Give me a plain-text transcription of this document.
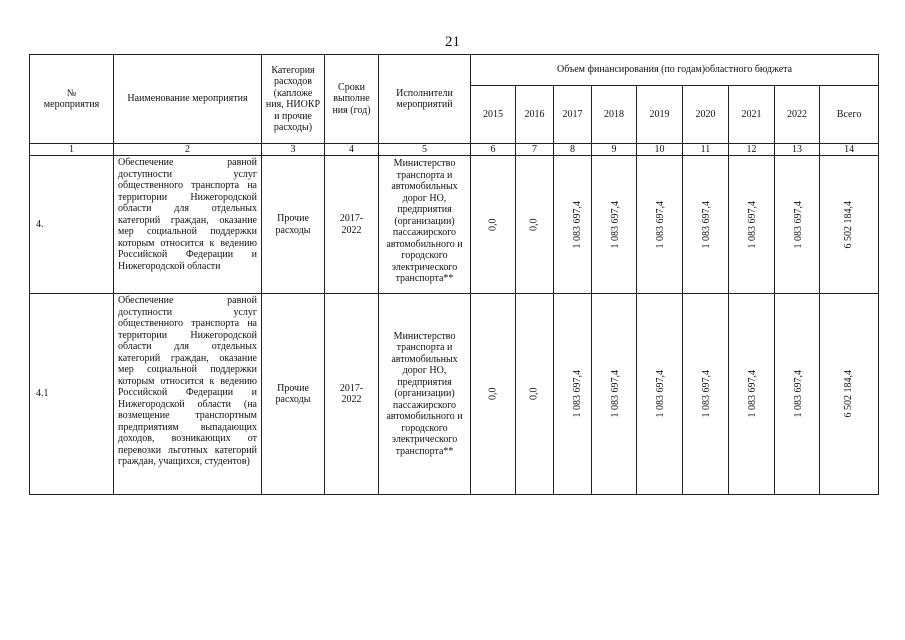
21
№ мероприятия	Наименование мероприятия	Категория расходов (капложе ния, НИОКР и прочие расходы)	Сроки выполне ния (год)	Исполнители мероприятий	Объем финансирования (по годам)областного бюджета								
					2015	2016	2017	2018	2019	2020	2021	2022	Всего
1	2	3	4	5	6	7	8	9	10	11	12	13	14
4.	Обеспечение равной доступности услуг общественного транспорта на территории Нижегородской области для отдельных категорий граждан, оказание мер социальной поддержки которым относится к ведению Российской Федерации и Нижегородской области	Прочие расходы	2017-2022	Министерство транспорта и автомобильных дорог НО, предприятия (организации) пассажирского автомобильного и городского электрического транспорта**	0,0	0,0	1 083 697,4	1 083 697,4	1 083 697,4	1 083 697,4	1 083 697,4	1 083 697,4	6 502 184,4
4.1	Обеспечение равной доступности услуг общественного транспорта на территории Нижегородской области для отдельных категорий граждан, оказание мер социальной поддержки которым относится к ведению Российской Федерации и Нижегородской области (на возмещение транспортным предприятиям выпадающих доходов, возникающих от перевозки льготных категорий граждан, учащихся, студентов)	Прочие расходы	2017-2022	Министерство транспорта и автомобильных дорог НО, предприятия (организации) пассажирского автомобильного и городского электрического транспорта**	0,0	0,0	1 083 697,4	1 083 697,4	1 083 697,4	1 083 697,4	1 083 697,4	1 083 697,4	6 502 184,4
